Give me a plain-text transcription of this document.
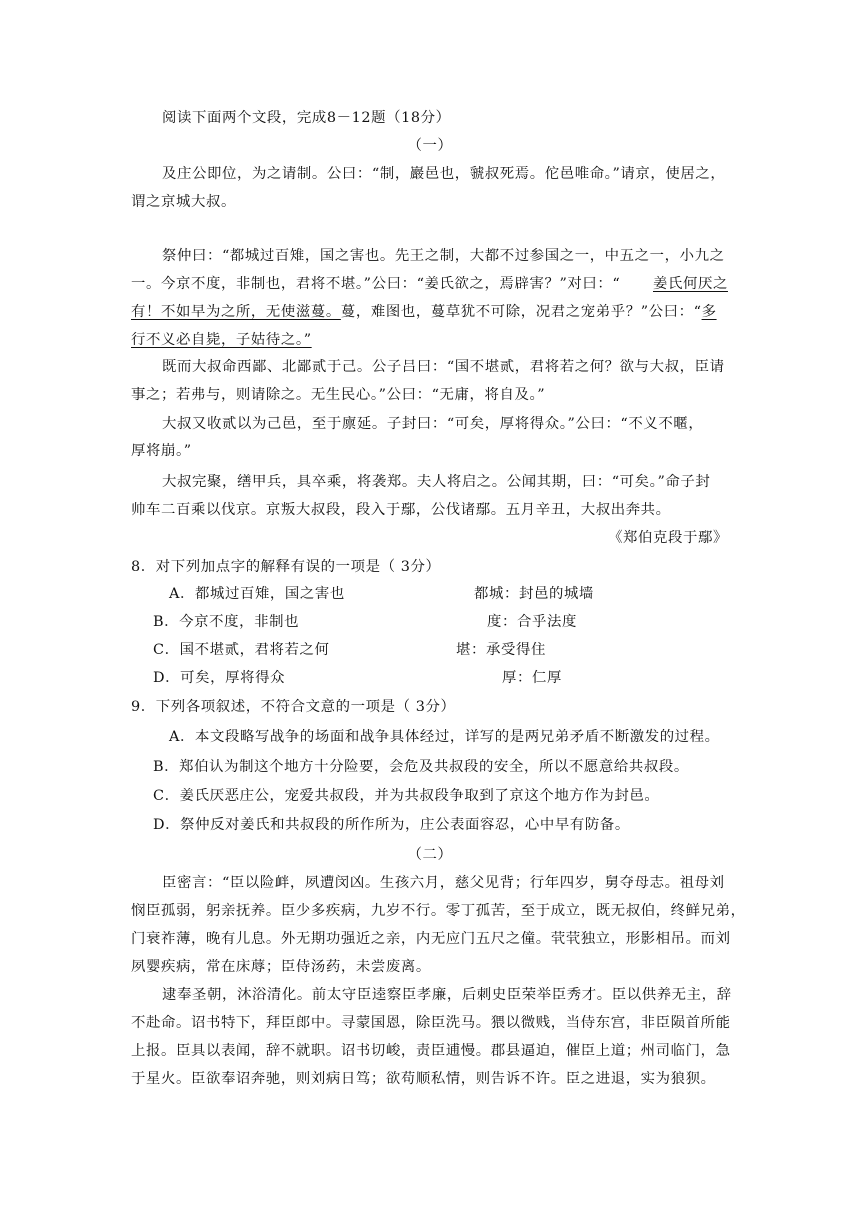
阅读下面两个文段，完成8－12题（18分）
（一）
及庄公即位，为之请制。公曰：“制，巖邑也，虢叔死焉。佗邑唯命。”请京，使居之，
谓之京城大叔。
祭仲曰：“都城过百雉，国之害也。先王之制，大都不过参国之一，中五之一，小九之
一。今京不度，非制也，君将不堪。”公曰：“姜氏欲之，焉辟害？”对曰：“	姜氏何厌之
有！不如早为之所，无使滋蔓。蔓，难图也，蔓草犹不可除，况君之宠弟乎？”公曰：“多
行不义必自毙，子姑待之。”
既而大叔命西鄙、北鄙贰于己。公子吕曰：“国不堪贰，君将若之何？欲与大叔，臣请
事之；若弗与，则请除之。无生民心。”公曰：“无庸，将自及。”
大叔又收贰以为己邑，至于廪延。子封曰：“可矣，厚将得众。”公曰：“不义不暱，
厚将崩。”
大叔完聚，缮甲兵，具卒乘，将袭郑。夫人将启之。公闻其期，曰：“可矣。”命子封
帅车二百乘以伐京。京叛大叔段，段入于鄢，公伐诸鄢。五月辛丑，大叔出奔共。
《郑伯克段于鄢》
8．对下列加点字的解释有误的一项是（ 3分）
A．都城过百雉，国之害也	都城：封邑的城墙
B．今京不度，非制也	度：合乎法度
C．国不堪贰，君将若之何	堪：承受得住
D．可矣，厚将得众	厚：仁厚
9．下列各项叙述，不符合文意的一项是（ 3分）
A．本文段略写战争的场面和战争具体经过，详写的是两兄弟矛盾不断激发的过程。
B．郑伯认为制这个地方十分险要，会危及共叔段的安全，所以不愿意给共叔段。
C．姜氏厌恶庄公，宠爱共叔段，并为共叔段争取到了京这个地方作为封邑。
D．祭仲反对姜氏和共叔段的所作所为，庄公表面容忍，心中早有防备。
（二）
臣密言：“臣以险衅，夙遭闵凶。生孩六月，慈父见背；行年四岁，舅夺母志。祖母刘
悯臣孤弱，躬亲抚养。臣少多疾病，九岁不行。零丁孤苦，至于成立，既无叔伯，终鲜兄弟，
门衰祚薄，晚有儿息。外无期功强近之亲，内无应门五尺之僮。茕茕独立，形影相吊。而刘
夙婴疾病，常在床蓐；臣侍汤药，未尝废离。
逮奉圣朝，沐浴清化。前太守臣逵察臣孝廉，后刺史臣荣举臣秀才。臣以供养无主，辞
不赴命。诏书特下，拜臣郎中。寻蒙国恩，除臣洗马。猥以微贱，当侍东宫，非臣陨首所能
上报。臣具以表闻，辞不就职。诏书切峻，责臣逋慢。郡县逼迫，催臣上道；州司临门，急
于星火。臣欲奉诏奔驰，则刘病日笃；欲苟顺私情，则告诉不许。臣之进退，实为狼狈。
